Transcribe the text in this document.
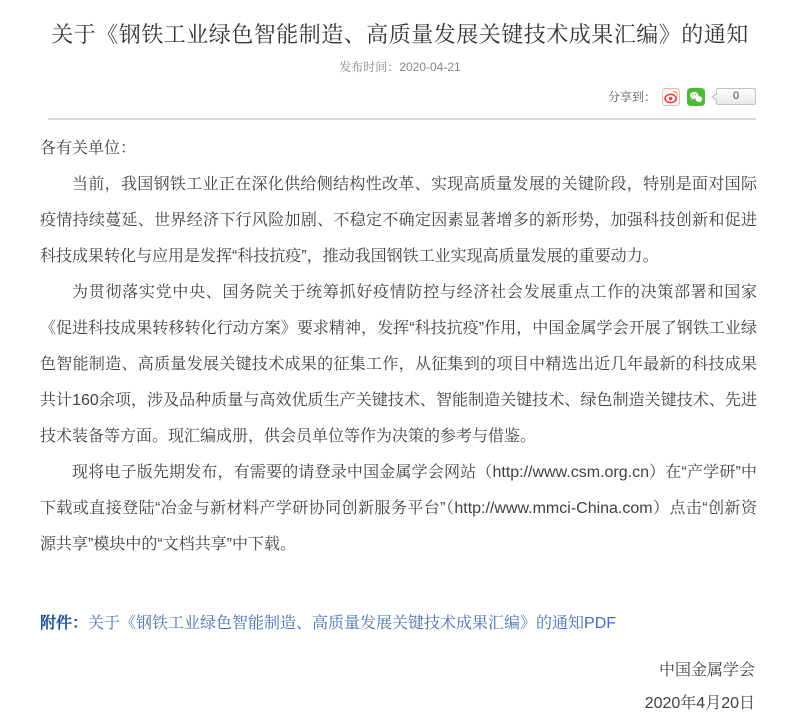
关于《钢铁工业绿色智能制造、高质量发展关键技术成果汇编》的通知
发布时间：2020-04-21
分享到：
	0

各有关单位：

当前，我国钢铁工业正在深化供给侧结构性改革、实现高质量发展的关键阶段，特别是面对国际疫情持续蔓延、世界经济下行风险加剧、不稳定不确定因素显著增多的新形势，加强科技创新和促进科技成果转化与应用是发挥“科技抗疫”，推动我国钢铁工业实现高质量发展的重要动力。

为贯彻落实党中央、国务院关于统筹抓好疫情防控与经济社会发展重点工作的决策部署和国家《促进科技成果转移转化行动方案》要求精神，发挥“科技抗疫”作用，中国金属学会开展了钢铁工业绿色智能制造、高质量发展关键技术成果的征集工作，从征集到的项目中精选出近几年最新的科技成果共计160余项，涉及品种质量与高效优质生产关键技术、智能制造关键技术、绿色制造关键技术、先进技术装备等方面。现汇编成册，供会员单位等作为决策的参考与借鉴。

现将电子版先期发布，有需要的请登录中国金属学会网站（http://www.csm.org.cn）在“产学研”中下载或直接登陆“冶金与新材料产学研协同创新服务平台”（http://www.mmci-China.com）点击“创新资源共享”模块中的“文档共享”中下载。

附件：关于《钢铁工业绿色智能制造、高质量发展关键技术成果汇编》的通知PDF
中国金属学会
2020年4月20日
